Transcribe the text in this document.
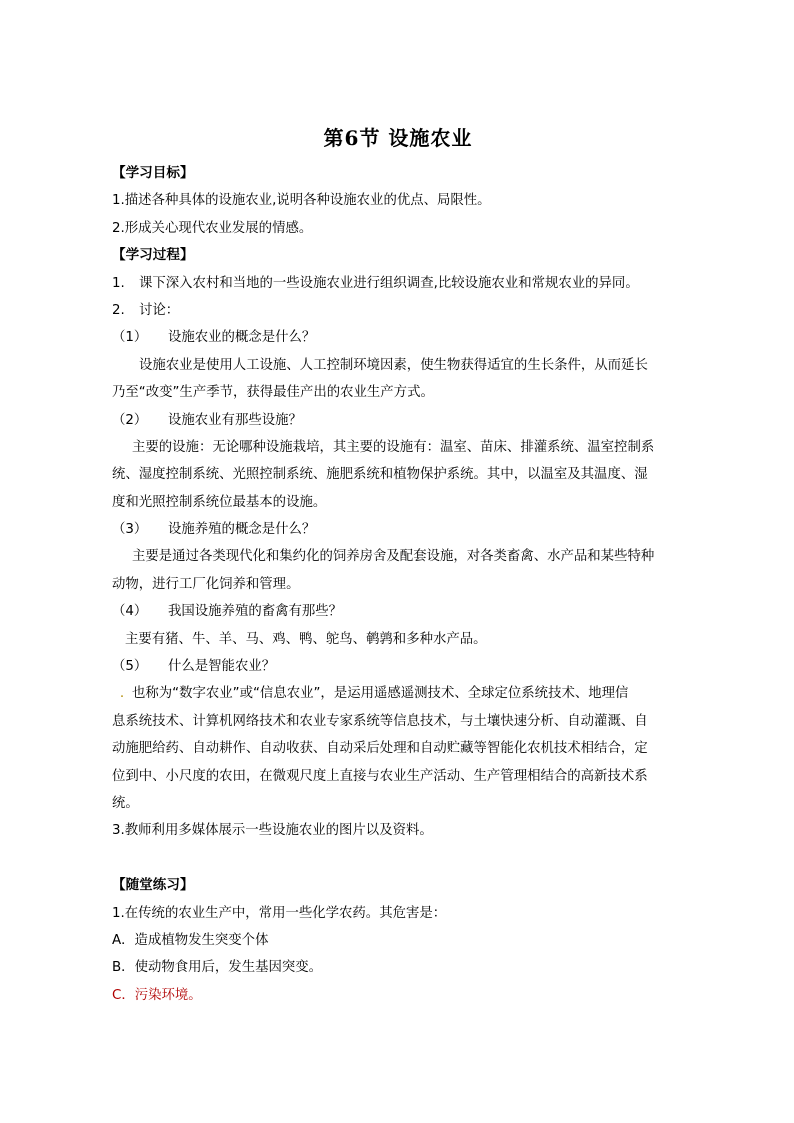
第6节 设施农业
【学习目标】
1.描述各种具体的设施农业,说明各种设施农业的优点、局限性。
2.形成关心现代农业发展的情感。
【学习过程】
1. 课下深入农村和当地的一些设施农业进行组织调查,比较设施农业和常规农业的异同。
2. 讨论：
（1） 设施农业的概念是什么？
设施农业是使用人工设施、人工控制环境因素，使生物获得适宜的生长条件，从而延长
乃至“改变”生产季节，获得最佳产出的农业生产方式。
（2） 设施农业有那些设施？
主要的设施：无论哪种设施栽培，其主要的设施有：温室、苗床、排灌系统、温室控制系
统、湿度控制系统、光照控制系统、施肥系统和植物保护系统。其中，以温室及其温度、湿
度和光照控制系统位最基本的设施。
（3） 设施养殖的概念是什么？
主要是通过各类现代化和集约化的饲养房舍及配套设施，对各类畜禽、水产品和某些特种
动物，进行工厂化饲养和管理。
（4） 我国设施养殖的畜禽有那些？
主要有猪、牛、羊、马、鸡、鸭、鸵鸟、鹌鹑和多种水产品。
（5） 什么是智能农业？
. 也称为“数字农业”或“信息农业”，是运用遥感遥测技术、全球定位系统技术、地理信
息系统技术、计算机网络技术和农业专家系统等信息技术，与土壤快速分析、自动灌溉、自
动施肥给药、自动耕作、自动收获、自动采后处理和自动贮藏等智能化农机技术相结合，定
位到中、小尺度的农田，在微观尺度上直接与农业生产活动、生产管理相结合的高新技术系
统。
3.教师利用多媒体展示一些设施农业的图片以及资料。
【随堂练习】
1.在传统的农业生产中，常用一些化学农药。其危害是：
A．造成植物发生突变个体
B．使动物食用后，发生基因突变。
C．污染环境。
